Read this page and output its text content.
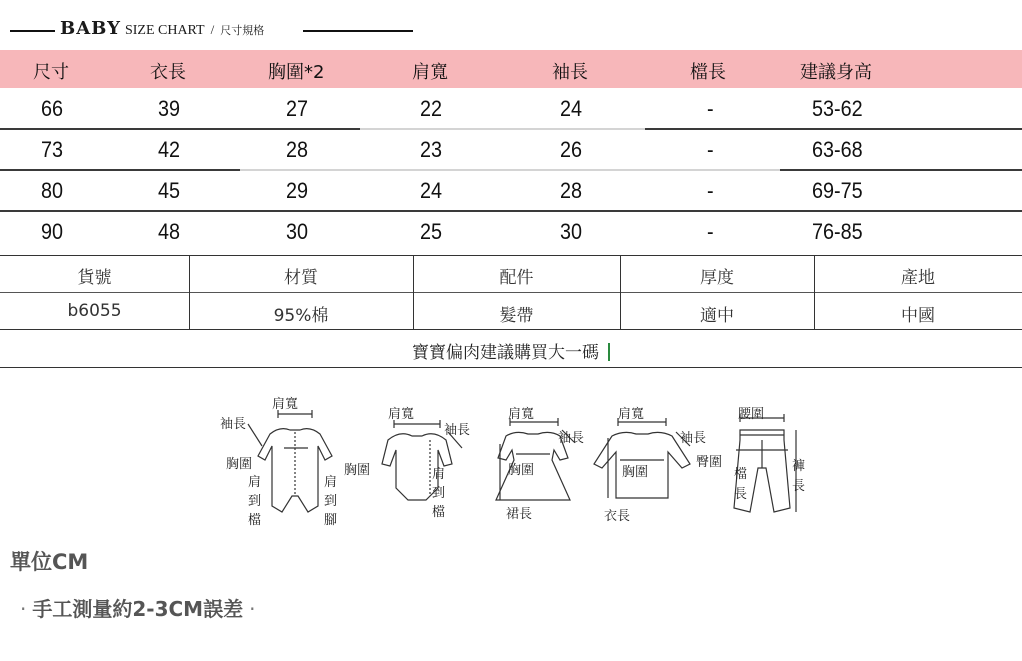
BABY SIZE CHART / 尺寸規格
尺寸	衣長	胸圍*2	肩寬	袖長	檔長	建議身高
66	39	27	22	24	-	53-62
73	42	28	23	26	-	63-68
80	45	29	24	28	-	69-75
90	48	30	25	30	-	76-85
貨號	材質	配件	厚度	產地
b6055	95%棉	髮帶	適中	中國
寶寶偏肉建議購買大一碼
袖長
肩寬
胸圍
肩
到
檔
肩
到
腳
肩寬
袖長
胸圍	肩
到
檔
肩寬
袖長
胸圍
裙長
肩寬
袖長
胸圍
衣長
腰圍
臀圍
檔
長
褲
長
單位CM
· 手工測量約2-3CM誤差 ·
